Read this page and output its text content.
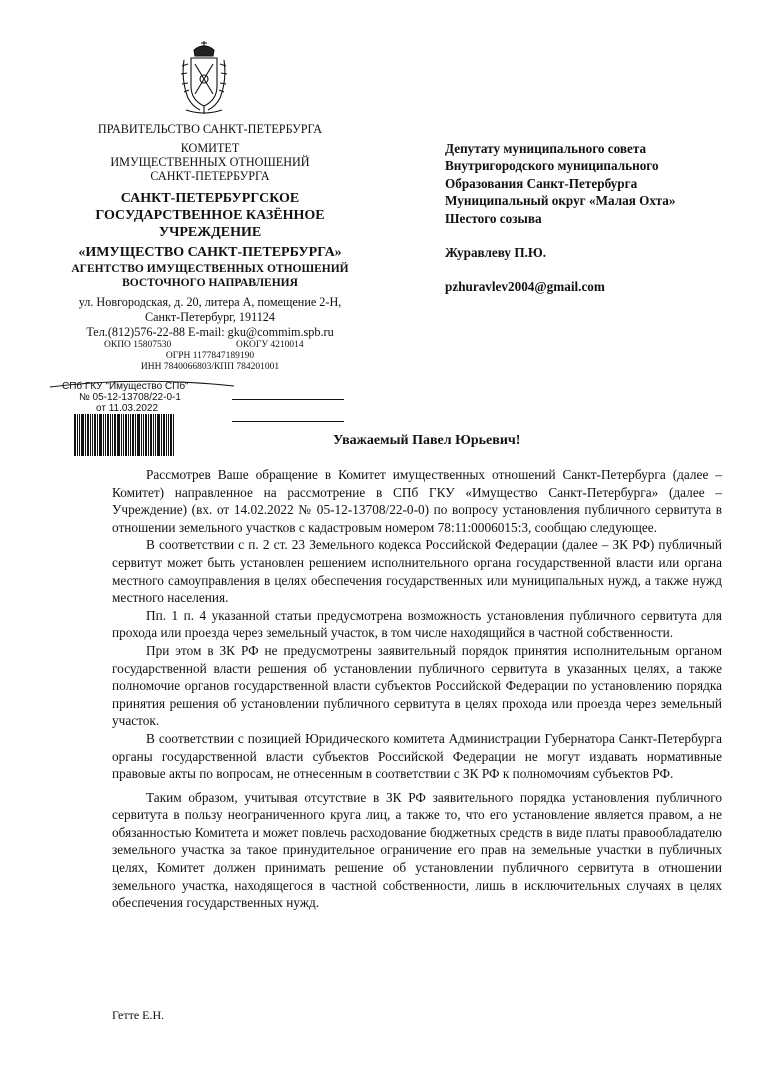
ПРАВИТЕЛЬСТВО САНКТ-ПЕТЕРБУРГА
КОМИТЕТ
ИМУЩЕСТВЕННЫХ ОТНОШЕНИЙ
САНКТ-ПЕТЕРБУРГА
САНКТ-ПЕТЕРБУРГСКОЕ
ГОСУДАРСТВЕННОЕ КАЗЁННОЕ
УЧРЕЖДЕНИЕ
«ИМУЩЕСТВО САНКТ-ПЕТЕРБУРГА»
АГЕНТСТВО ИМУЩЕСТВЕННЫХ ОТНОШЕНИЙ
ВОСТОЧНОГО НАПРАВЛЕНИЯ
ул. Новгородская, д. 20, литера А, помещение 2-Н,
Санкт-Петербург, 191124
Тел.(812)576-22-88 E-mail: gku@commim.spb.ru
ОКПО 15807530	ОКОГУ 4210014
ОГРН 1177847189190
ИНН 7840066803/КПП 784201001
СПб ГКУ "Имущество СПб"
№ 05-12-13708/22-0-1
от 11.03.2022
Депутату муниципального совета
Внутригородского муниципального
Образования Санкт-Петербурга
Муниципальный округ «Малая Охта»
Шестого созыва
Журавлеву П.Ю.
pzhuravlev2004@gmail.com
Уважаемый Павел Юрьевич!

Рассмотрев Ваше обращение в Комитет имущественных отношений Санкт-Петербурга (далее – Комитет) направленное на рассмотрение в СПб ГКУ «Имущество Санкт-Петербурга» (далее – Учреждение) (вх. от 14.02.2022 № 05-12-13708/22-0-0) по вопросу установления публичного сервитута в отношении земельного участков с кадастровым номером 78:11:0006015:3, сообщаю следующее.

В соответствии с п. 2 ст. 23 Земельного кодекса Российской Федерации (далее – ЗК РФ) публичный сервитут может быть установлен решением исполнительного органа государственной власти или органа местного самоуправления в целях обеспечения государственных или муниципальных нужд, а также нужд местного населения.

Пп. 1 п. 4 указанной статьи предусмотрена возможность установления публичного сервитута для прохода или проезда через земельный участок, в том числе находящийся в частной собственности.

При этом в ЗК РФ не предусмотрены заявительный порядок принятия исполнительным органом государственной власти решения об установлении публичного сервитута в указанных целях, а также полномочие органов государственной власти субъектов Российской Федерации по установлению порядка принятия решения об установлении публичного сервитута в целях прохода или проезда через земельный участок.

В соответствии с позицией Юридического комитета Администрации Губернатора Санкт-Петербурга органы государственной власти субъектов Российской Федерации не могут издавать нормативные правовые акты по вопросам, не отнесенным в соответствии с ЗК РФ к полномочиям субъектов РФ.

Таким образом, учитывая отсутствие в ЗК РФ заявительного порядка установления публичного сервитута в пользу неограниченного круга лиц, а также то, что его установление является правом, а не обязанностью Комитета и может повлечь расходование бюджетных средств в виде платы правообладателю земельного участка за такое принудительное ограничение его прав на земельные участки в публичных целях, Комитет должен принимать решение об установлении публичного сервитута в отношении земельного участка, находящегося в частной собственности, лишь в исключительных случаях в целях обеспечения государственных нужд.

Гетте Е.Н.
